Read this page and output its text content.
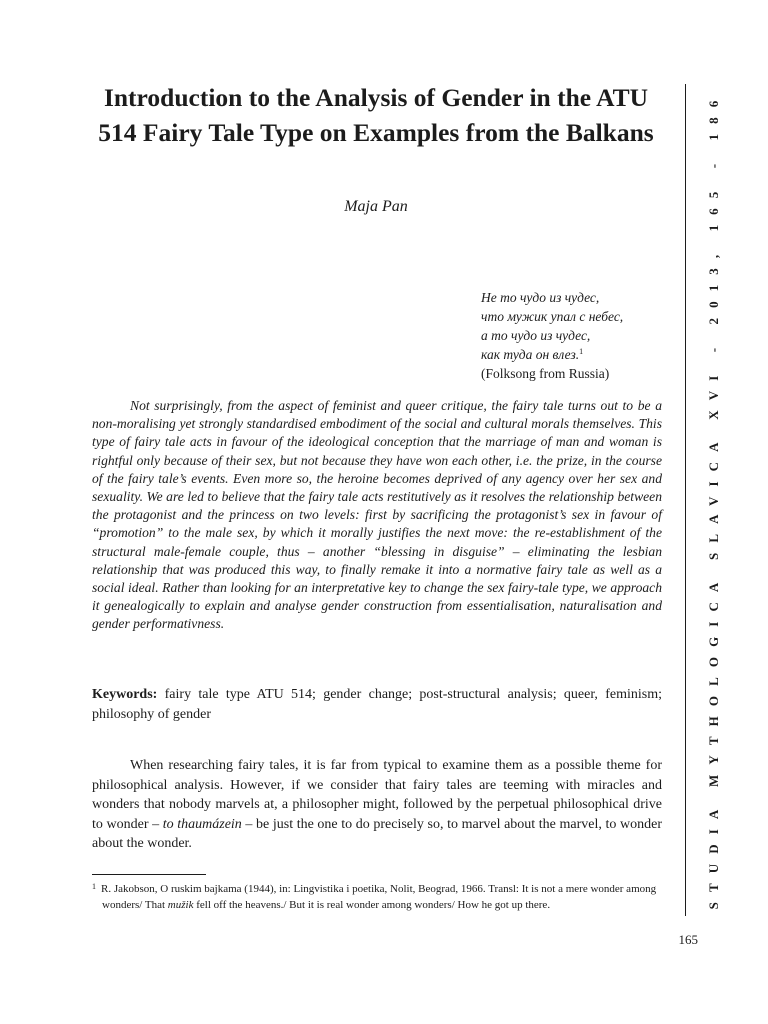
Introduction to the Analysis of Gender in the ATU 514 Fairy Tale Type on Examples from the Balkans

Maja Pan

Не то чудо из чудес,
что мужик упал с небес,
а то чудо из чудес,
как туда он влез.$^1$
(Folksong from Russia)

Not surprisingly, from the aspect of feminist and queer critique, the fairy tale turns out to be a non-moralising yet strongly standardised embodiment of the social and cultural morals themselves. This type of fairy tale acts in favour of the ideological conception that the marriage of man and woman is rightful only because of their sex, but not because they have won each other, i.e. the prize, in the course of the fairy tale’s events. Even more so, the heroine becomes deprived of any agency over her sex and sexuality. We are led to believe that the fairy tale acts restitutively as it resolves the relationship between the protagonist and the princess on two levels: first by sacrificing the protagonist’s sex in favour of “promotion” to the male sex, by which it morally justifies the next move: the re-establishment of the structural male-female couple, thus – another “blessing in disguise” – eliminating the lesbian relationship that was produced this way, to finally remake it into a normative fairy tale as well as a social ideal. Rather than looking for an interpretative key to change the sex fairy-tale type, we approach it genealogically to explain and analyse gender construction from essentialisation, naturalisation and gender performativness.

Keywords: fairy tale type ATU 514; gender change; post-structural analysis; queer, feminism; philosophy of gender

When researching fairy tales, it is far from typical to examine them as a possible theme for philosophical analysis. However, if we consider that fairy tales are teeming with miracles and wonders that nobody marvels at, a philosopher might, followed by the perpetual philosophical drive to wonder – to thaumázein – be just the one to do precisely so, to marvel about the marvel, to wonder about the wonder.

$^1$ R. Jakobson, O ruskim bajkama (1944), in: Lingvistika i poetika, Nolit, Beograd, 1966. Transl: It is not a mere wonder among wonders/ That mužik fell off the heavens./ But it is real wonder among wonders/ How he got up there.

165
STUDIA MYTHOLOGICA SLAVICA XVI - 2013, 165 - 186
